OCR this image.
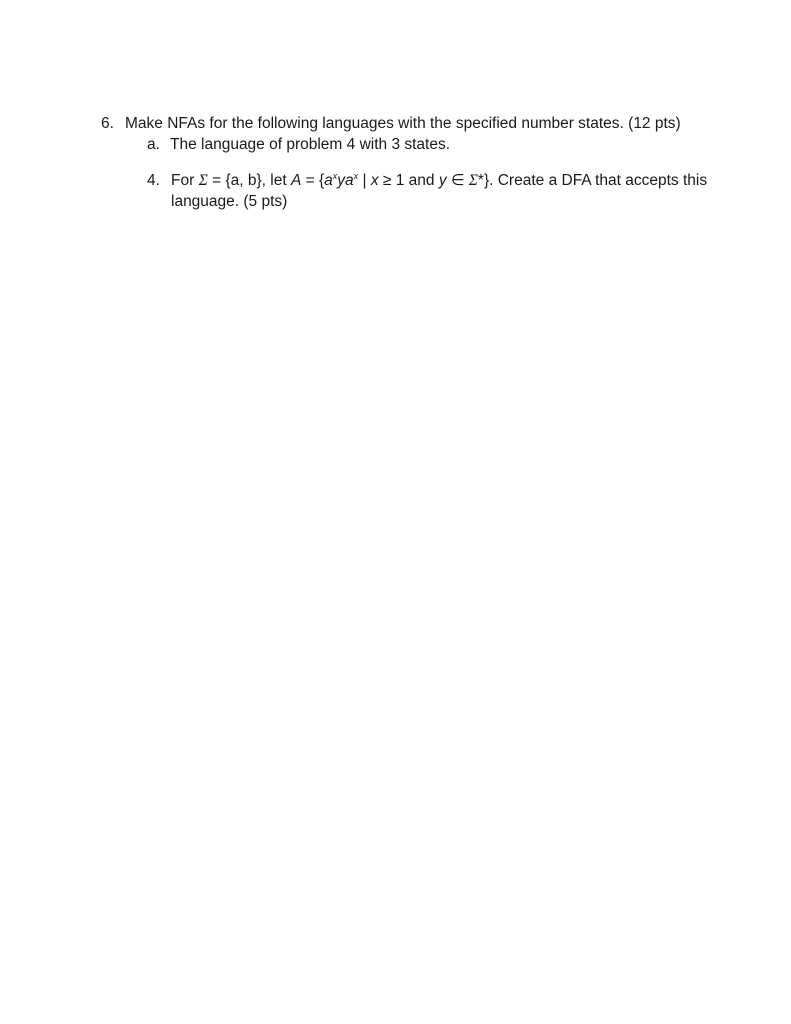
6. Make NFAs for the following languages with the specified number states. (12 pts)
a. The language of problem 4 with 3 states.
4. For Σ = {a, b}, let $A = \{a^xya^x$ | x ≥ 1 and y ∈ Σ*}. Create a DFA that accepts this
language. (5 pts)
